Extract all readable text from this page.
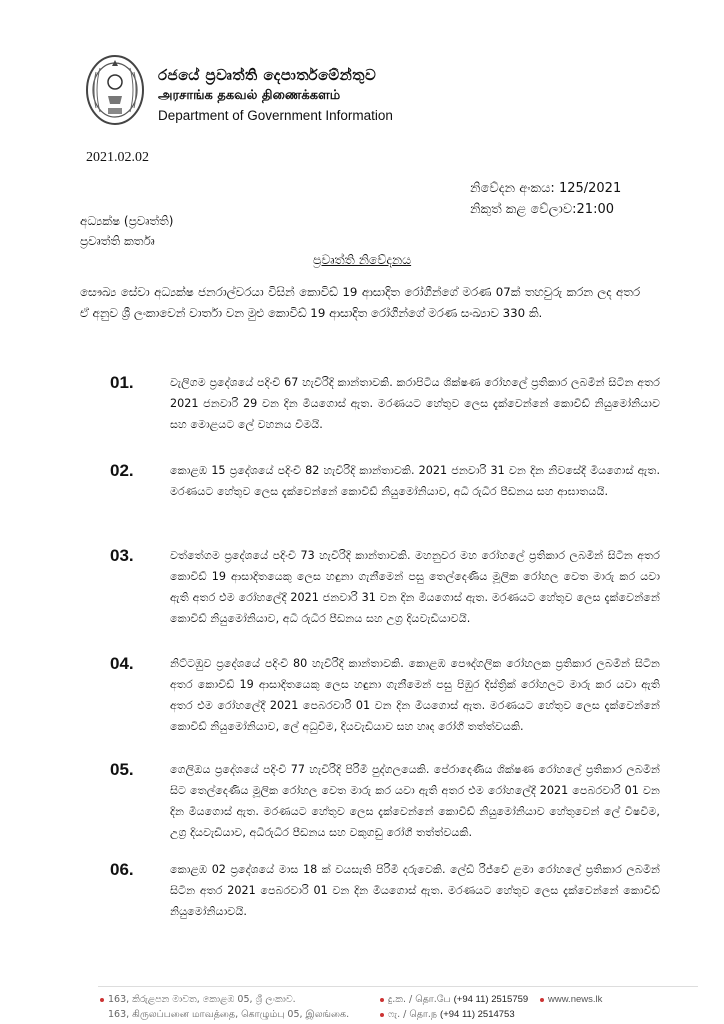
රජයේ ප්‍රවෘත්ති දෙපාර්තමේන්තුව
அரசாங்க தகவல் திணைக்களம்
Department of Government Information
2021.02.02
නිවේදන අංකය: 125/2021
නිකුත් කළ වේලාව:21:00
අධ්‍යක්ෂ (ප්‍රවෘත්ති)
ප්‍රවෘත්ති කර්තෘ
ප්‍රවෘත්ති නිවේදනය
සෞඛ්‍ය සේවා අධ්‍යක්ෂ ජනරාල්වරයා විසින් කොවිඩ් 19 ආසාදිත රෝගීන්ගේ මරණ 07ක් තහවුරු කරන ලද අතර ඒ අනුව ශ්‍රී ලංකාවෙන් වාර්තා වන මුළු කොවිඩ් 19 ආසාදිත රෝගීන්ගේ මරණ සංඛ්‍යාව 330 කි.
01.	වැලිගම ප්‍රදේශයේ පදිංචි 67 හැවිරිදි කාන්තාවකි. කරාපිටිය ශික්ෂණ රෝහලේ ප්‍රතිකාර ලබමින් සිටින අතර 2021 ජනවාරි 29 වන දින මියගොස් ඇත. මරණයට හේතුව ලෙස දැක්වෙන්නේ කොවිඩ් නියුමෝනියාව සහ මොළයට ලේ වහනය වීමයි.
02.	කොළඹ 15 ප්‍රදේශයේ පදිංචි 82 හැවිරිදි කාන්තාවකි. 2021 ජනවාරි 31 වන දින නිවසේදී මියගොස් ඇත. මරණයට හේතුව ලෙස දැක්වෙන්නේ කොවිඩ් නියුමෝනියාව, අධි රුධිර පීඩනය සහ ආඝාතයයි.
03.	වත්තේගම ප්‍රදේශයේ පදිංචි 73 හැවිරිදි කාන්තාවකි. මහනුවර මහ රෝහලේ ප්‍රතිකාර ලබමින් සිටින අතර කොවිඩ් 19 ආසාදිතයෙකු ලෙස හඳුනා ගැනීමෙන් පසු තෙල්දෙණිය මූලික රෝහල වෙත මාරු කර යවා ඇති අතර එම රෝහලේදී 2021 ජනවාරි 31 වන දින මියගොස් ඇත. මරණයට හේතුව ලෙස දැක්වෙන්නේ කොවිඩ් නියුමෝනියාව, අධි රුධිර පීඩනය සහ උග්‍ර දියවැඩියාවයි.
04.	නිට්ටඹුව ප්‍රදේශයේ පදිංචි 80 හැවිරිදි කාන්තාවකි. කොළඹ පෞද්ගලික රෝහලක ප්‍රතිකාර ලබමින් සිටින අතර කොවිඩ් 19 ආසාදිතයෙකු ලෙස හඳුනා ගැනීමෙන් පසු පිඹුර දිස්ත්‍රික් රෝහලට මාරු කර යවා ඇති අතර එම රෝහලේදී 2021 පෙබරවාරි 01 වන දින මියගොස් ඇත. මරණයට හේතුව ලෙස දැක්වෙන්නේ කොවිඩ් නියුමෝනියාව, ලේ අධුවීම, දියවැඩියාව සහ හෘද රෝගී තත්ත්වයකි.
05.	ගෙලිඔය ප්‍රදේශයේ පදිංචි 77 හැවිරිදි පිරිමි පුද්ගලයෙකි. පේරාදෙණිය ශික්ෂණ රෝහලේ ප්‍රතිකාර ලබමින් සිට තෙල්දෙණිය මූලික රෝහල වෙත මාරු කර යවා ඇති අතර එම රෝහලේදී 2021 පෙබරවාරි 01 වන දින මියගොස් ඇත. මරණයට හේතුව ලෙස දැක්වෙන්නේ කොවිඩ් නියුමෝනියාව හේතුවෙන් ලේ විෂවීම, උග්‍ර දියවැඩියාව, අධිරුධිර පීඩනය සහ වකුගඩු රෝගී තත්ත්වයකි.
06.	කොළඹ 02 ප්‍රදේශයේ මාස 18 ක් වයසැති පිරිමි දරුවෙකි. ලේඩි රිජ්වේ ළමා රෝහලේ ප්‍රතිකාර ලබමින් සිටින අතර 2021 පෙබරවාරි 01 වන දින මියගොස් ඇත. මරණයට හේතුව ලෙස දැක්වෙන්නේ කොවිඩ් නියුමෝනියාවයි.
163, කිරුළපන මාවත, කොළඹ 05, ශ්‍රී ලංකාව.
163, கிருலப்பனை மாவத்தை, கொழும்பு 05, இலங்கை.
දු.ක. / தொ.பே (+94 11) 2515759
ෆැ. / தொ.ந (+94 11) 2514753
www.news.lk
